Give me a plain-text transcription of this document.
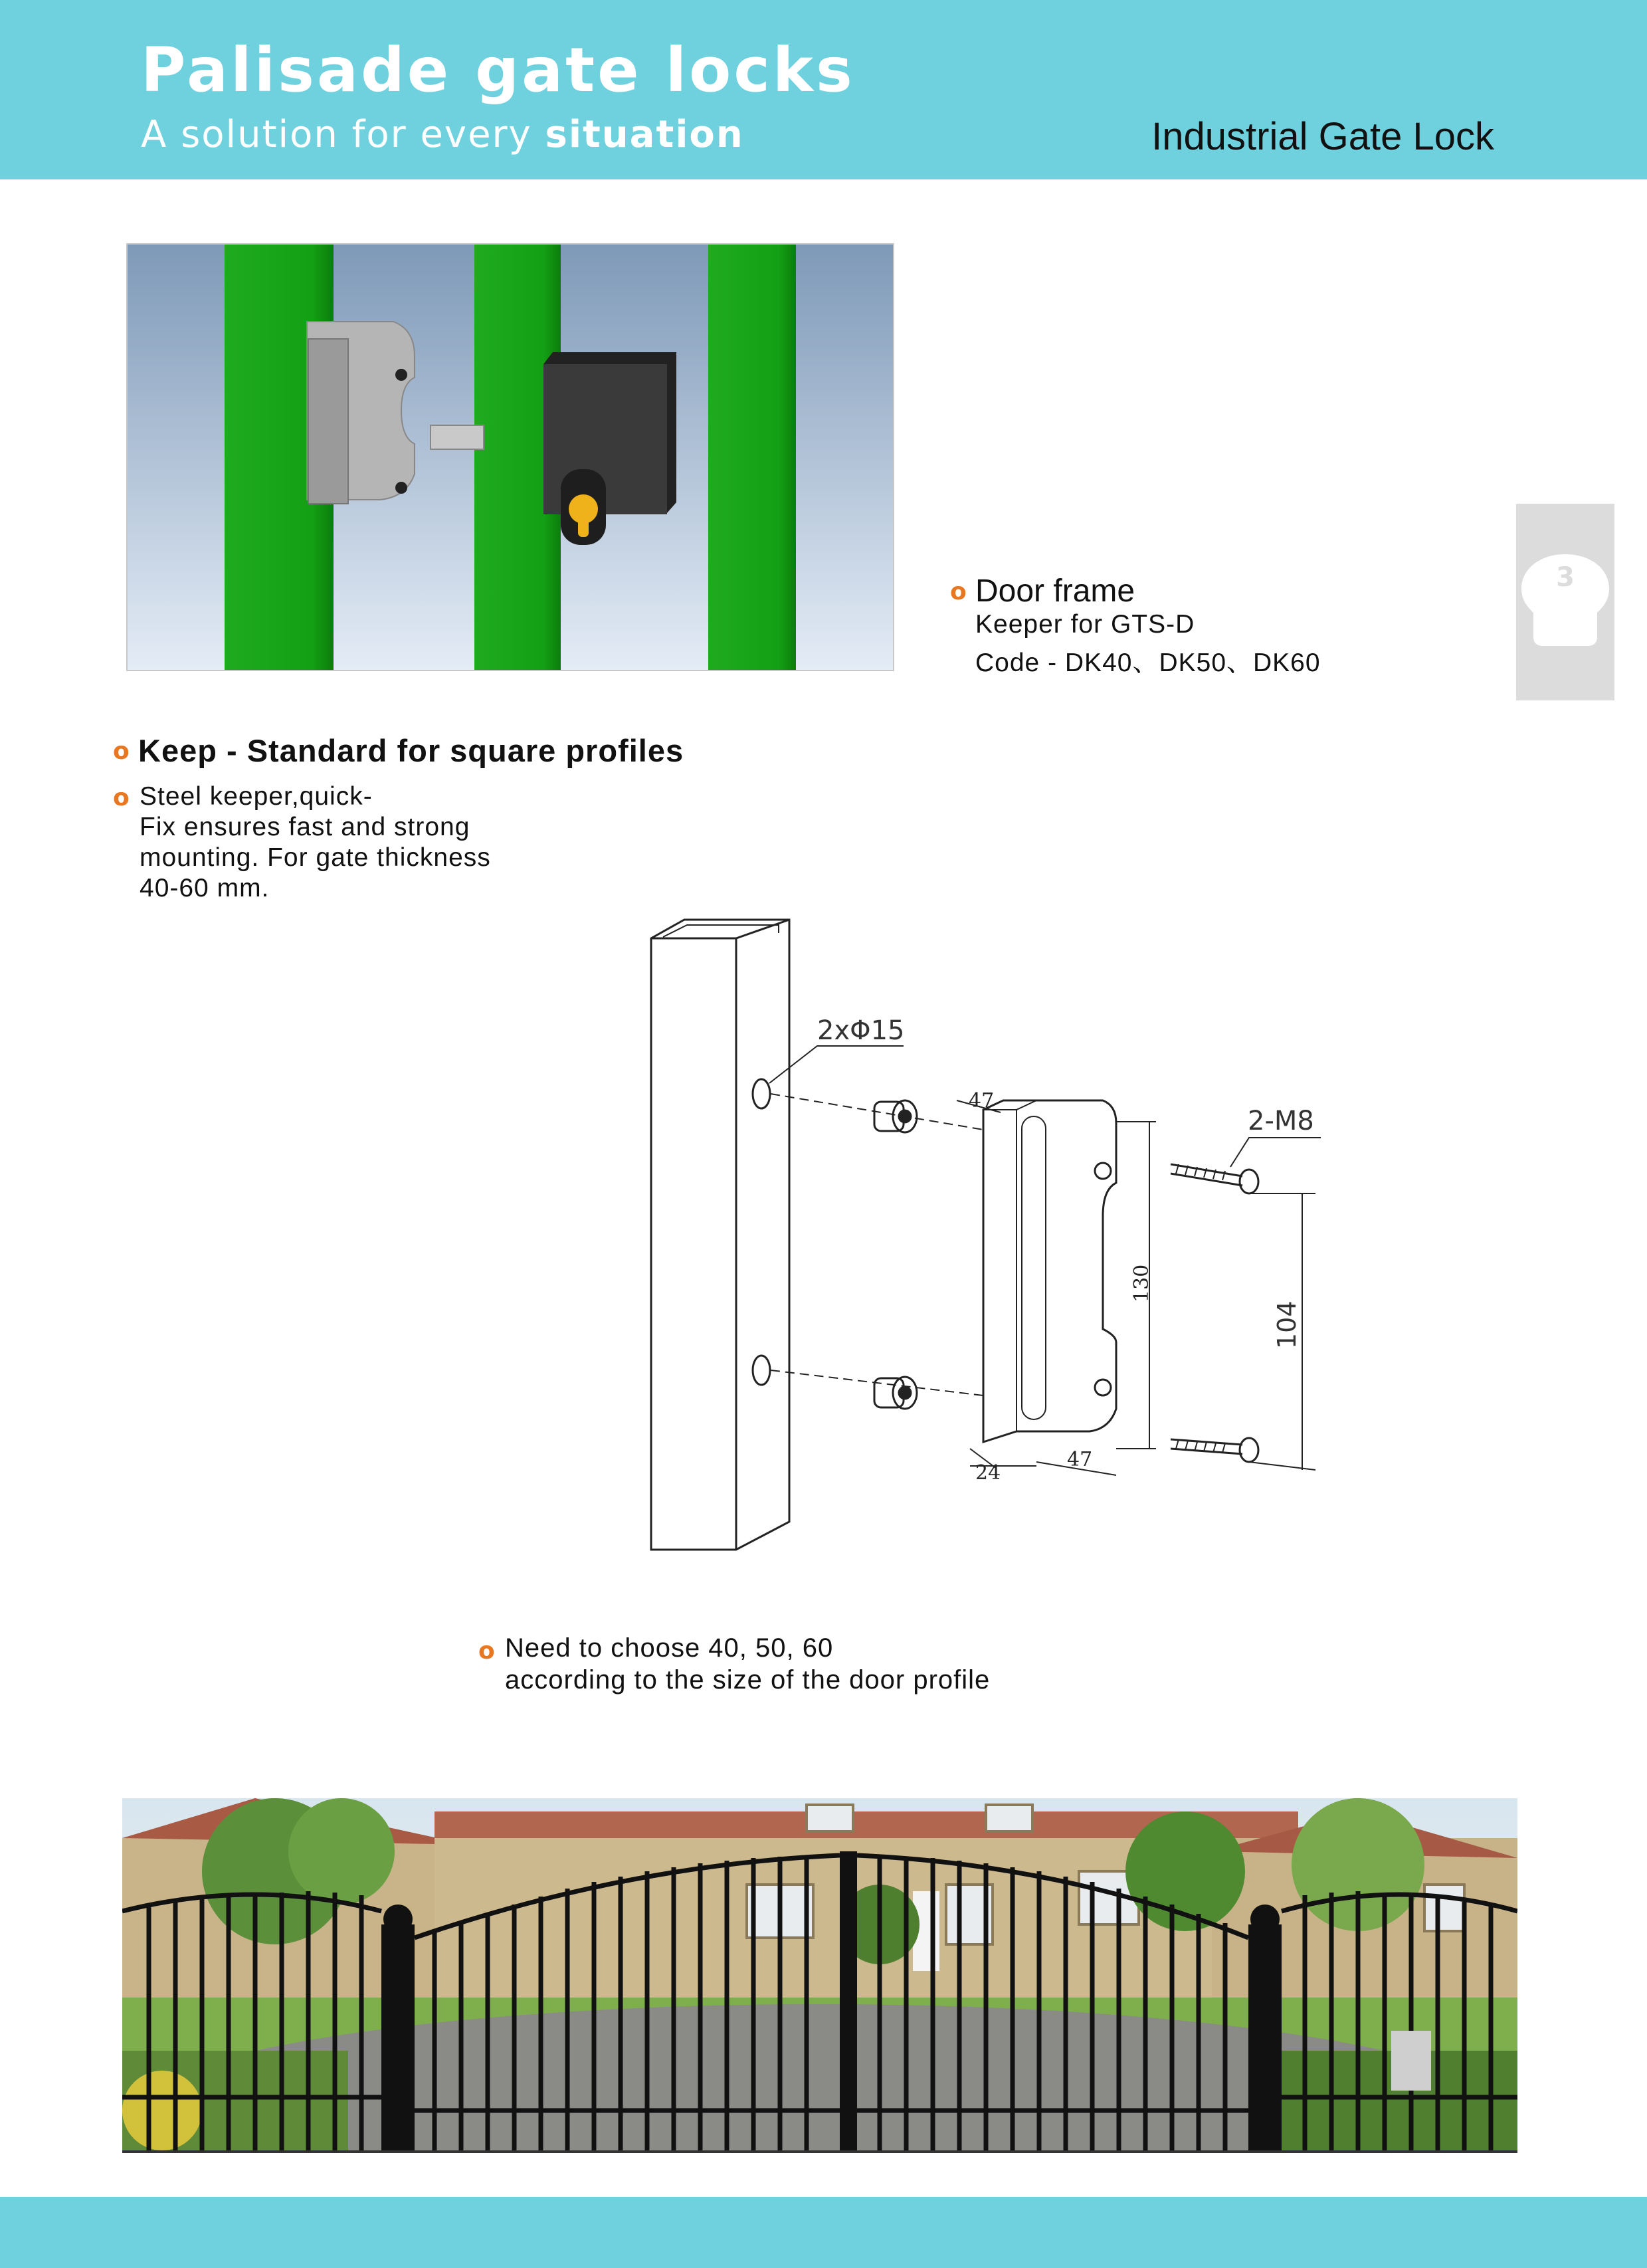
Palisade gate locks
A solution for every situation	Industrial Gate Lock
o Door frame
Keeper for GTS-D
Code - DK40、DK50、DK60
3
o Keep - Standard for square profiles
o Steel keeper,quick-
Fix ensures fast and strong
mounting. For gate thickness
40-60 mm.
2xΦ15
47
130
24
47
2-M8
104
o Need to choose 40, 50, 60
according to the size of the door profile
